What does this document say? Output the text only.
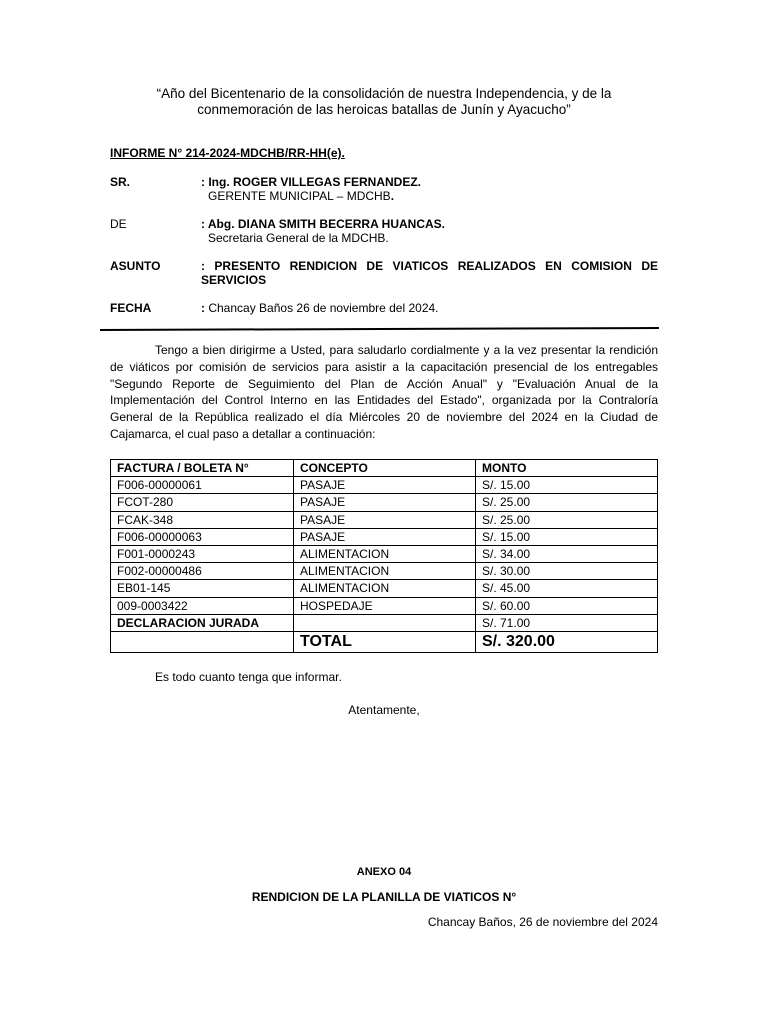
“Año del Bicentenario de la consolidación de nuestra Independencia, y de la conmemoración de las heroicas batallas de Junín y Ayacucho”
INFORME N° 214-2024-MDCHB/RR-HH(e).
SR.	: Ing. ROGER VILLEGAS FERNANDEZ.
GERENTE MUNICIPAL – MDCHB.
DE	: Abg. DIANA SMITH BECERRA HUANCAS.
Secretaria General de la MDCHB.
ASUNTO	: PRESENTO RENDICION DE VIATICOS REALIZADOS EN COMISION DE SERVICIOS
FECHA	: Chancay Baños 26 de noviembre del 2024.
Tengo a bien dirigirme a Usted, para saludarlo cordialmente y a la vez presentar la rendición de viáticos por comisión de servicios para asistir a la capacitación presencial de los entregables "Segundo Reporte de Seguimiento del Plan de Acción Anual" y "Evaluación Anual de la Implementación del Control Interno en las Entidades del Estado", organizada por la Contraloría General de la República realizado el día Miércoles 20 de noviembre del 2024 en la Ciudad de Cajamarca, el cual paso a detallar a continuación:
FACTURA / BOLETA N°	CONCEPTO	MONTO
F006-00000061	PASAJE	S/. 15.00
FCOT-280	PASAJE	S/. 25.00
FCAK-348	PASAJE	S/. 25.00
F006-00000063	PASAJE	S/. 15.00
F001-0000243	ALIMENTACION	S/. 34.00
F002-00000486	ALIMENTACION	S/. 30.00
EB01-145	ALIMENTACION	S/. 45.00
009-0003422	HOSPEDAJE	S/. 60.00
DECLARACION JURADA		S/. 71.00
	TOTAL	S/. 320.00
Es todo cuanto tenga que informar.
Atentamente,
ANEXO 04
RENDICION DE LA PLANILLA DE VIATICOS N°
Chancay Baños, 26 de noviembre del 2024
